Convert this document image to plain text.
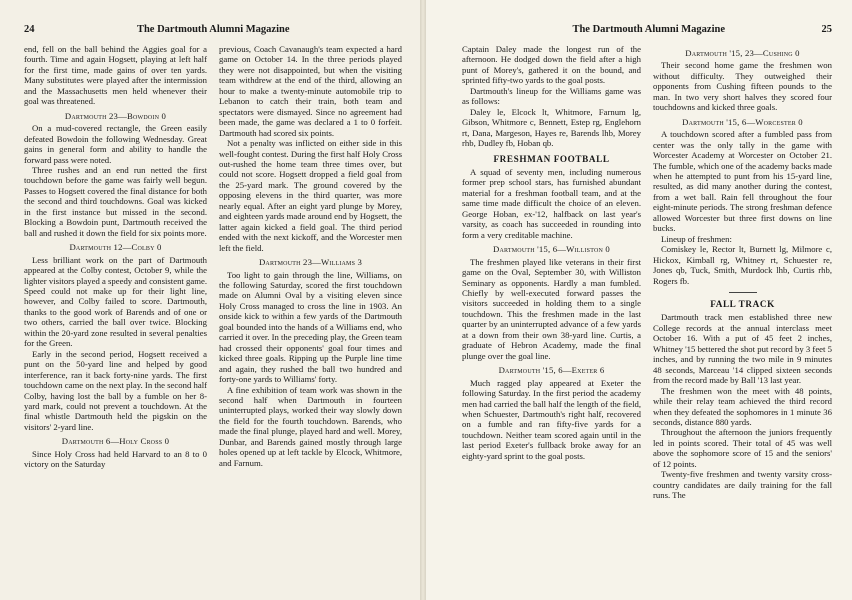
24	The Dartmouth Alumni Magazine

end, fell on the ball behind the Aggies goal for a fourth. Time and again Hogsett, playing at left half for the first time, made gains of over ten yards. Many substitutes were played after the intermission and the Massachusetts men held whenever their goal was threatened.

Dartmouth 23—Bowdoin 0

On a mud-covered rectangle, the Green easily defeated Bowdoin the following Wednesday. Great gains in general form and ability to handle the forward pass were noted.

Three rushes and an end run netted the first touchdown before the game was fairly well begun. Passes to Hogsett covered the final distance for both the second and third touchdowns. Goal was kicked in the first instance but missed in the second. Blocking a Bowdoin punt, Dartmouth received the ball and rushed it down the field for six points more.

Dartmouth 12—Colby 0

Less brilliant work on the part of Dartmouth appeared at the Colby contest, October 9, while the lighter visitors played a speedy and consistent game. Speed could not make up for their light line, however, and Colby failed to score. Dartmouth, thanks to the good work of Barends and of one or two others, carried the ball over twice. Blocking within the 20-yard zone resulted in several penalties for the Green.

Early in the second period, Hogsett received a punt on the 50-yard line and helped by good interference, ran it back forty-nine yards. The first touchdown came on the next play. In the second half Colby, having lost the ball by a fumble on her 8-yard mark, could not prevent a touchdown. At the final whistle Dartmouth held the pigskin on the visitors' 2-yard line.

Dartmouth 6—Holy Cross 0

Since Holy Cross had held Harvard to an 8 to 0 victory on the Saturday

previous, Coach Cavanaugh's team expected a hard game on October 14. In the three periods played they were not disappointed, but when the visiting team withdrew at the end of the third, allowing an hour to make a twenty-minute automobile trip to Lebanon to catch their train, both team and spectators were dismayed. Since no agreement had been made, the game was declared a 1 to 0 forfeit. Dartmouth had scored six points.

Not a penalty was inflicted on either side in this well-fought contest. During the first half Holy Cross out-rushed the home team three times over, but could not score. Hogsett dropped a field goal from the 25-yard mark. The ground covered by the opposing elevens in the third quarter, was more nearly equal. After an eight yard plunge by Morey, and eighteen yards made around end by Hogsett, the latter again kicked a field goal. The third period ended with the next kickoff, and the Worcester men left the field.

Dartmouth 23—Williams 3

Too light to gain through the line, Williams, on the following Saturday, scored the first touchdown made on Alumni Oval by a visiting eleven since Holy Cross managed to cross the line in 1903. An onside kick to within a few yards of the Dartmouth goal bounded into the hands of a Williams end, who carried it over. In the preceding play, the Green team had crossed their opponents' goal four times and kicked three goals. Ripping up the Purple line time and again, they rushed the ball two hundred and forty-one yards to Williams' forty.

A fine exhibition of team work was shown in the second half when Dartmouth in fourteen uninterrupted plays, worked their way slowly down the field for the fourth touchdown. Barends, who made the final plunge, played hard and well. Morey, Dunbar, and Barends gained mostly through large holes opened up at left tackle by Elcock, Whitmore, and Farnum.

The Dartmouth Alumni Magazine	25

Captain Daley made the longest run of the afternoon. He dodged down the field after a high punt of Morey's, gathered it on the bound, and sprinted fifty-two yards to the goal posts.

Dartmouth's lineup for the Williams game was as follows:

Daley le, Elcock lt, Whitmore, Farnum lg, Gibson, Whitmore c, Bennett, Estep rg, Englehorn rt, Dana, Margeson, Hayes re, Barends lhb, Morey rhb, Dudley fb, Hoban qb.

FRESHMAN FOOTBALL

A squad of seventy men, including numerous former prep school stars, has furnished abundant material for a freshman football team, and at the same time made difficult the choice of an eleven. George Hoban, ex-'12, halfback on last year's varsity, as coach has succeeded in rounding into form a very creditable machine.

Dartmouth '15, 6—Williston 0

The freshmen played like veterans in their first game on the Oval, September 30, with Williston Seminary as opponents. Hardly a man fumbled. Chiefly by well-executed forward passes the visitors succeeded in holding them to a single touchdown. This the freshmen made in the last quarter by an uninterrupted advance of a few yards at a down from their own 38-yard line. Curtis, a graduate of Hebron Academy, made the final plunge over the goal line.

Dartmouth '15, 6—Exeter 6

Much ragged play appeared at Exeter the following Saturday. In the first period the academy men had carried the ball half the length of the field, when Schuester, Dartmouth's right half, recovered on a fumble and ran fifty-five yards for a touchdown. Neither team scored again until in the last period Exeter's fullback broke away for an eighty-yard sprint to the goal posts.

Dartmouth '15, 23—Cushing 0

Their second home game the freshmen won without difficulty. They outweighed their opponents from Cushing fifteen pounds to the man. In two very short halves they scored four touchdowns and kicked three goals.

Dartmouth '15, 6—Worcester 0

A touchdown scored after a fumbled pass from center was the only tally in the game with Worcester Academy at Worcester on October 21. The fumble, which one of the academy backs made when he attempted to punt from his 15-yard line, resulted, as did many another during the contest, from a wet ball. Rain fell throughout the four eight-minute periods. The strong freshman defence allowed Worcester but three first downs on line bucks.

Lineup of freshmen:

Comiskey le, Rector lt, Burnett lg, Milmore c, Hickox, Kimball rg, Whitney rt, Schuester re, Jones qb, Tuck, Smith, Murdock lhb, Curtis rhb, Rogers fb.

FALL TRACK

Dartmouth track men established three new College records at the annual interclass meet October 16. With a put of 45 feet 2 inches, Whitney '15 bettered the shot put record by 3 feet 5 inches, and by running the two mile in 9 minutes 48 seconds, Marceau '14 clipped sixteen seconds from the record made by Ball '13 last year.

The freshmen won the meet with 48 points, while their relay team achieved the third record when they defeated the sophomores in 1 minute 36 seconds, distance 880 yards.

Throughout the afternoon the juniors frequently led in points scored. Their total of 45 was well above the sophomore score of 15 and the seniors' of 12 points.

Twenty-five freshmen and twenty varsity cross-country candidates are daily training for the fall runs. The
